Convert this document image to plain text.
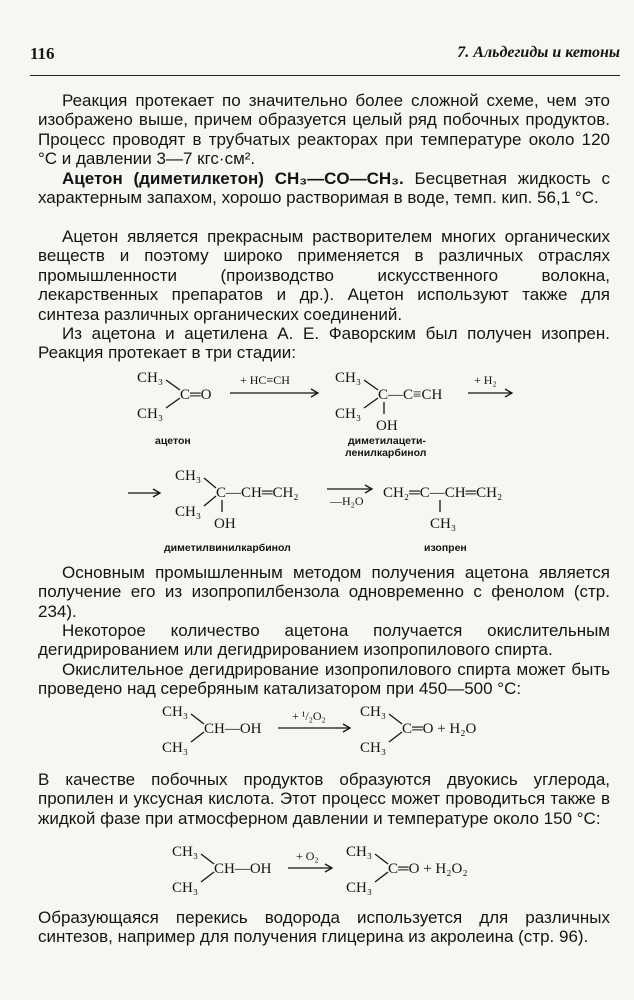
116	7. Альдегиды и кетоны

Реакция протекает по значительно более сложной схеме, чем это изображено выше, причем образуется целый ряд побочных продуктов. Процесс проводят в трубчатых реакторах при температуре около 120 °С и давлении 3—7 кгс·см².

Ацетон (диметилкетон) CH₃—CO—CH₃. Бесцветная жидкость с характерным запахом, хорошо растворимая в воде, темп. кип. 56,1 °С.

Ацетон является прекрасным растворителем многих органических веществ и поэтому широко применяется в различных отраслях промышленности (производство искусственного волокна, лекарственных препаратов и др.). Ацетон используют также для синтеза различных органических соединений.

Из ацетона и ацетилена А. Е. Фаворским был получен изопрен. Реакция протекает в три стадии:

CH₃
CH₃
C═O
+ HC≡CH
ацетон
CH₃
CH₃
C—C≡CH
OH
диметилацети-
ленилкарбинол
+ H₂
CH₃
CH₃
C—CH═CH₂
OH
диметилвинилкарбинол
—H₂O CH₂═C—CH═CH₂
CH₃
изопрен

Основным промышленным методом получения ацетона является получение его из изопропилбензола одновременно с фенолом (стр. 234).

Некоторое количество ацетона получается окислительным дегидрированием или дегидрированием изопропилового спирта.

Окислительное дегидрирование изопропилового спирта может быть проведено над серебряным катализатором при 450—500 °С:

CH₃
CH₃
CH—OH
+ ¹/₂O₂ CH₃
CH₃
C═O + H₂O

В качестве побочных продуктов образуются двуокись углерода, пропилен и уксусная кислота. Этот процесс может проводиться также в жидкой фазе при атмосферном давлении и температуре около 150 °С:

CH₃
CH₃
CH—OH
+ O₂ CH₃
CH₃
C═O + H₂O₂

Образующаяся перекись водорода используется для различных синтезов, например для получения глицерина из акролеина (стр. 96).
